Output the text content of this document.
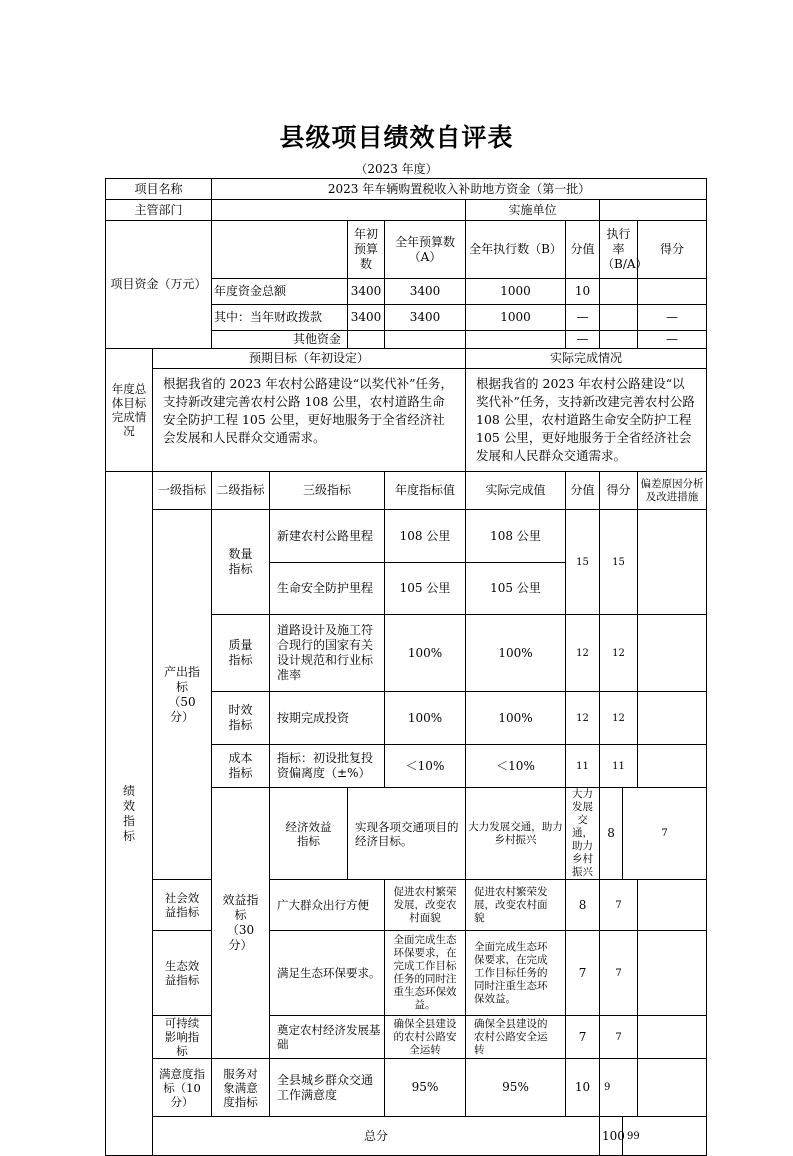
县级项目绩效自评表
（2023 年度）
项目名称		2023 年车辆购置税收入补助地方资金（第一批）									
主管部门						实施单位					
项目资金（万元）				年初预算数	全年预算数（A）	全年执行数（B）	分值	执行率（B/A）		得分	
		年度资金总额		3400	3400	1000	10				
		其中：当年财政拨款		3400	3400	1000	—			—	
		其他资金					—			—	
年度总体目标完成情况	预期目标（年初设定）					实际完成情况					
	根据我省的 2023 年农村公路建设“以奖代补”任务，支持新改建完善农村公路 108 公里，农村道路生命安全防护工程 105 公里，更好地服务于全省经济社会发展和人民群众交通需求。					根据我省的 2023 年农村公路建设“以奖代补”任务，支持新改建完善农村公路 108 公里，农村道路生命安全防护工程 105 公里，更好地服务于全省经济社会发展和人民群众交通需求。					
绩效指标	一级指标	二级指标	三级指标		年度指标值	实际完成值	分值	得分		偏差原因分析及改进措施	
	产出指标（50 分）	数量指标	新建农村公路里程		108 公里	108 公里	15	15			
			生命安全防护里程		105 公里	105 公里					
		质量指标	道路设计及施工符合现行的国家有关设计规范和行业标准率		100%	100%	12	12			
		时效指标	按期完成投资		100%	100%	12	12			
		成本指标	指标：初设批复投资偏离度（±%）		＜10%	＜10%	11	11			
		效益指标（30 分）	经济效益指标	实现各项交通项目的经济目标。		大力发展交通，助力乡村振兴	大力发展交通，助力乡村振兴	8	7		
	社会效益指标		广大群众出行方便		促进农村繁荣发展，改变农村面貌	促进农村繁荣发展，改变农村面貌	8	7			
	生态效益指标		满足生态环保要求。		全面完成生态环保要求，在完成工作目标任务的同时注重生态环保效益。	全面完成生态环保要求，在完成工作目标任务的同时注重生态环保效益。	7	7			
	可持续影响指标		奠定农村经济发展基础		确保全县建设的农村公路安全运转	确保全县建设的农村公路安全运转	7	7			
	满意度指标（10 分）	服务对象满意度指标	全县城乡群众交通工作满意度		95%	95%	10	9			
	总分							100	99		
